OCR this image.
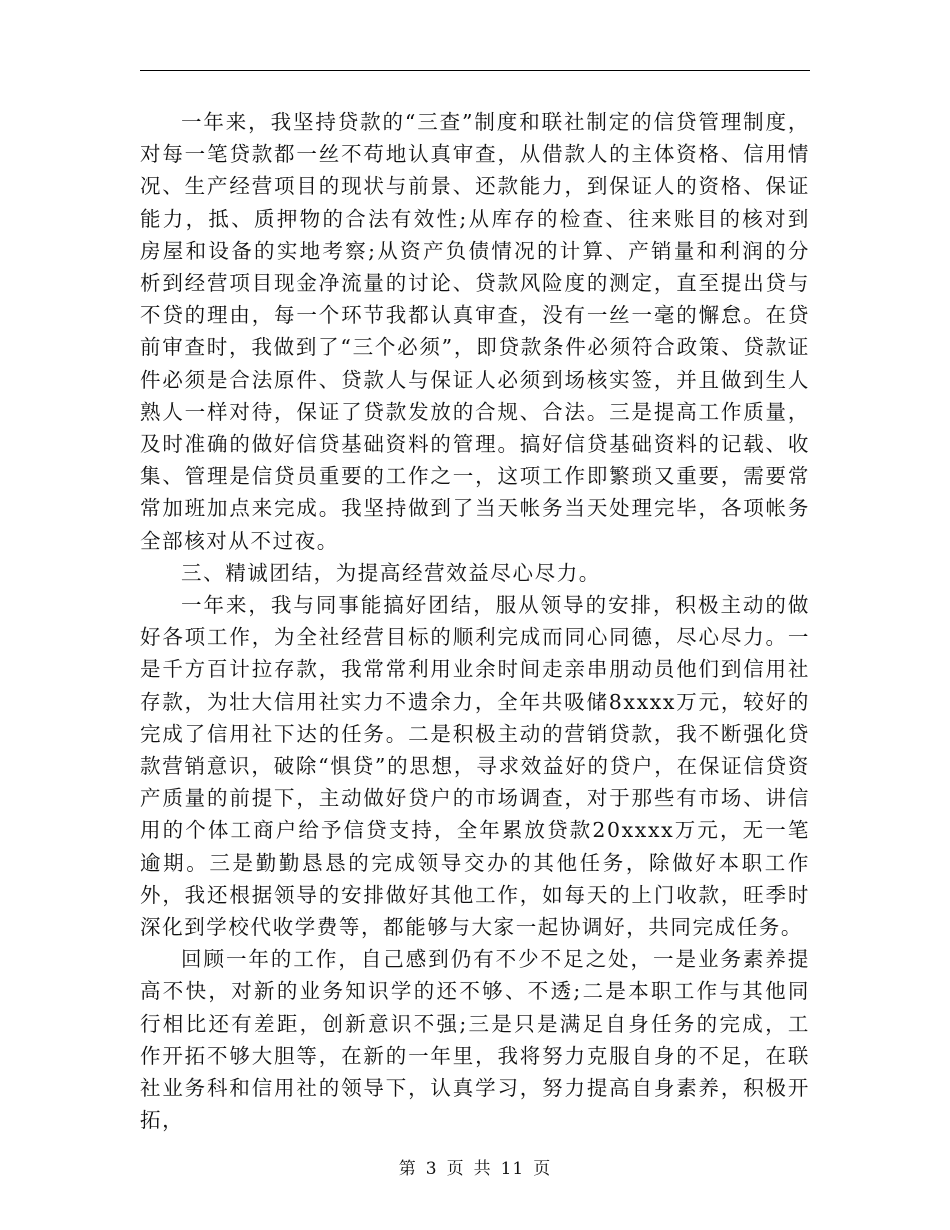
一年来，我坚持贷款的“三查”制度和联社制定的信贷管理制度，对每一笔贷款都一丝不苟地认真审查，从借款人的主体资格、信用情况、生产经营项目的现状与前景、还款能力，到保证人的资格、保证能力，抵、质押物的合法有效性;从库存的检查、往来账目的核对到房屋和设备的实地考察;从资产负债情况的计算、产销量和利润的分析到经营项目现金净流量的讨论、贷款风险度的测定，直至提出贷与不贷的理由，每一个环节我都认真审查，没有一丝一毫的懈怠。在贷前审查时，我做到了“三个必须”，即贷款条件必须符合政策、贷款证件必须是合法原件、贷款人与保证人必须到场核实签，并且做到生人熟人一样对待，保证了贷款发放的合规、合法。三是提高工作质量，及时准确的做好信贷基础资料的管理。搞好信贷基础资料的记载、收集、管理是信贷员重要的工作之一，这项工作即繁琐又重要，需要常常加班加点来完成。我坚持做到了当天帐务当天处理完毕，各项帐务全部核对从不过夜。

三、精诚团结，为提高经营效益尽心尽力。

一年来，我与同事能搞好团结，服从领导的安排，积极主动的做好各项工作，为全社经营目标的顺利完成而同心同德，尽心尽力。一是千方百计拉存款，我常常利用业余时间走亲串朋动员他们到信用社存款，为壮大信用社实力不遗余力，全年共吸储8xxxx万元，较好的完成了信用社下达的任务。二是积极主动的营销贷款，我不断强化贷款营销意识，破除“惧贷”的思想，寻求效益好的贷户，在保证信贷资产质量的前提下，主动做好贷户的市场调查，对于那些有市场、讲信用的个体工商户给予信贷支持，全年累放贷款20xxxx万元，无一笔逾期。三是勤勤恳恳的完成领导交办的其他任务，除做好本职工作外，我还根据领导的安排做好其他工作，如每天的上门收款，旺季时深化到学校代收学费等，都能够与大家一起协调好，共同完成任务。

回顾一年的工作，自己感到仍有不少不足之处，一是业务素养提高不快，对新的业务知识学的还不够、不透;二是本职工作与其他同行相比还有差距，创新意识不强;三是只是满足自身任务的完成，工作开拓不够大胆等，在新的一年里，我将努力克服自身的不足，在联社业务科和信用社的领导下，认真学习，努力提高自身素养，积极开拓，

第 3 页 共 11 页
